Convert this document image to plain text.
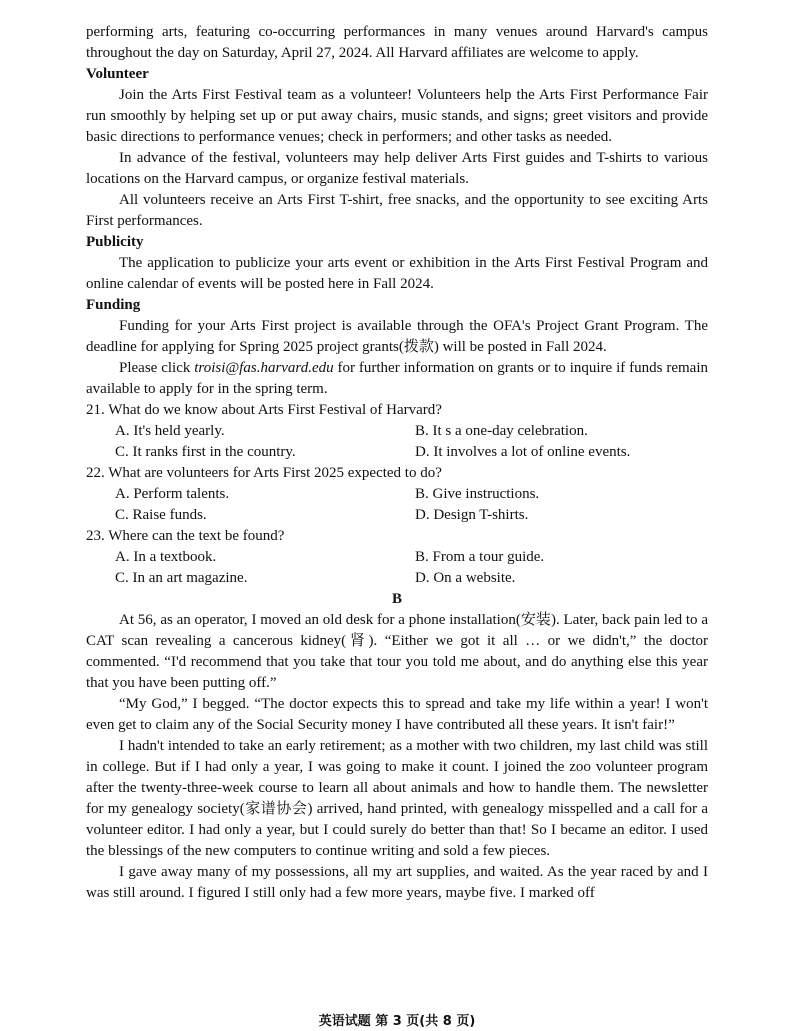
performing arts, featuring co-occurring performances in many venues around Harvard's campus throughout the day on Saturday, April 27, 2024. All Harvard affiliates are welcome to apply.

Volunteer

Join the Arts First Festival team as a volunteer! Volunteers help the Arts First Performance Fair run smoothly by helping set up or put away chairs, music stands, and signs; greet visitors and provide basic directions to performance venues; check in performers; and other tasks as needed.

In advance of the festival, volunteers may help deliver Arts First guides and T-shirts to various locations on the Harvard campus, or organize festival materials.

All volunteers receive an Arts First T-shirt, free snacks, and the opportunity to see exciting Arts First performances.

Publicity

The application to publicize your arts event or exhibition in the Arts First Festival Program and online calendar of events will be posted here in Fall 2024.

Funding

Funding for your Arts First project is available through the OFA's Project Grant Program. The deadline for applying for Spring 2025 project grants(拨款) will be posted in Fall 2024.

Please click troisi@fas.harvard.edu for further information on grants or to inquire if funds remain available to apply for in the spring term.

21. What do we know about Arts First Festival of Harvard?
A. It's held yearly.	B. It s a one-day celebration.
C. It ranks first in the country.	D. It involves a lot of online events.
22. What are volunteers for Arts First 2025 expected to do?
A. Perform talents.	B. Give instructions.
C. Raise funds.	D. Design T-shirts.
23. Where can the text be found?
A. In a textbook.	B. From a tour guide.
C. In an art magazine.	D. On a website.
B

At 56, as an operator, I moved an old desk for a phone installation(安装). Later, back pain led to a CAT scan revealing a cancerous kidney(肾). “Either we got it all … or we didn't,” the doctor commented. “I'd recommend that you take that tour you told me about, and do anything else this year that you have been putting off.”

“My God,” I begged. “The doctor expects this to spread and take my life within a year! I won't even get to claim any of the Social Security money I have contributed all these years. It isn't fair!”

I hadn't intended to take an early retirement; as a mother with two children, my last child was still in college. But if I had only a year, I was going to make it count. I joined the zoo volunteer program after the twenty-three-week course to learn all about animals and how to handle them. The newsletter for my genealogy society(家谱协会) arrived, hand printed, with genealogy misspelled and a call for a volunteer editor. I had only a year, but I could surely do better than that! So I became an editor. I used the blessings of the new computers to continue writing and sold a few pieces.

I gave away many of my possessions, all my art supplies, and waited. As the year raced by and I was still around. I figured I still only had a few more years, maybe five. I marked off

英语试题 第 3 页(共 8 页)
